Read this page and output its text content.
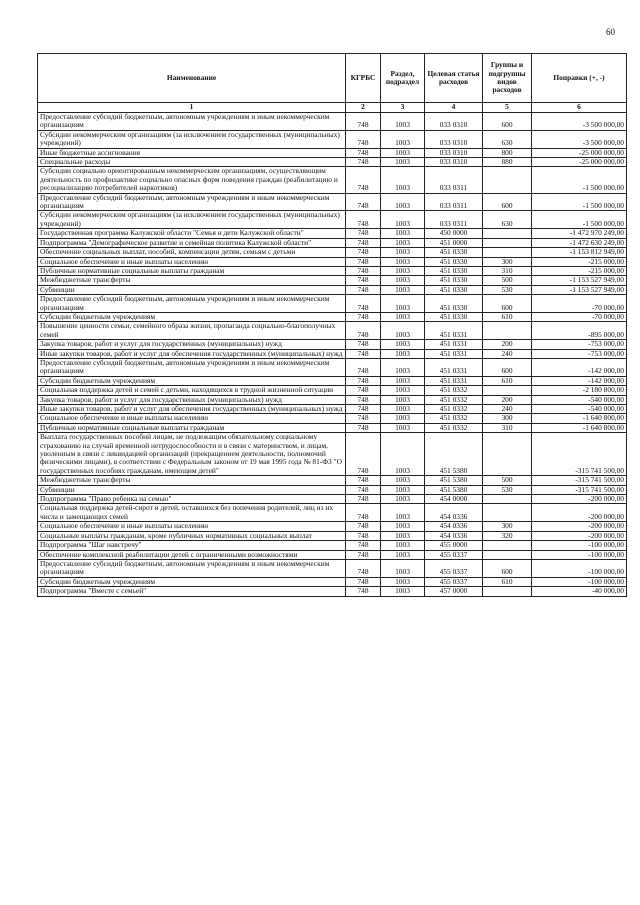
60
Наименование	КГРБС	Раздел, подраздел	Целевая статья расходов	Группы и подгруппы видов расходов	Поправки (+, -)
1	2	3	4	5	6
Предоставление субсидий бюджетным, автономным учреждениям и иным некоммерческим организациям	748	1003	033 0310	600	-3 500 000,00
Субсидии некоммерческим организациям (за исключением государственных (муниципальных) учреждений)	748	1003	033 0310	630	-3 500 000,00
Иные бюджетные ассигнования	748	1003	033 0310	800	-25 000 000,00
Специальные расходы	748	1003	033 0310	880	-25 000 000,00
Субсидии социально ориентированным некоммерческим организациям, осуществляющим деятельность по профилактике социально опасных форм поведения граждан (реабилитацию и ресоциализацию потребителей наркотиков)	748	1003	033 0311		-1 500 000,00
Предоставление субсидий бюджетным, автономным учреждениям и иным некоммерческим организациям	748	1003	033 0311	600	-1 500 000,00
Субсидии некоммерческим организациям (за исключением государственных (муниципальных) учреждений)	748	1003	033 0311	630	-1 500 000,00
Государственная программа Калужской области "Семья и дети Калужской области"	748	1003	450 0000		-1 472 970 249,00
Подпрограмма "Демографическое развитие и семейная политика Калужской области"	748	1003	451 0000		-1 472 630 249,00
Обеспечение социальных выплат, пособий, компенсации детям, семьям с детьми	748	1003	451 0330		-1 153 812 949,00
Социальное обеспечение и иные выплаты населению	748	1003	451 0330	300	-215 000,00
Публичные нормативные социальные выплаты гражданам	748	1003	451 0330	310	-215 000,00
Межбюджетные трансферты	748	1003	451 0330	500	-1 153 527 949,00
Субвенции	748	1003	451 0330	530	-1 153 527 949,00
Предоставление субсидий бюджетным, автономным учреждениям и иным некоммерческим организациям	748	1003	451 0330	600	-70 000,00
Субсидии бюджетным учреждениям	748	1003	451 0330	610	-70 000,00
Повышение ценности семьи, семейного образа жизни, пропаганда социально-благополучных семей	748	1003	451 0331		-895 000,00
Закупка товаров, работ и услуг для государственных (муниципальных) нужд	748	1003	451 0331	200	-753 000,00
Иные закупки товаров, работ и услуг для обеспечения государственных (муниципальных) нужд	748	1003	451 0331	240	-753 000,00
Предоставление субсидий бюджетным, автономным учреждениям и иным некоммерческим организациям	748	1003	451 0331	600	-142 000,00
Субсидии бюджетным учреждениям	748	1003	451 0331	610	-142 000,00
Социальная поддержка детей и семей с детьми, находящихся в трудной жизненной ситуации	748	1003	451 0332		-2 180 800,00
Закупка товаров, работ и услуг для государственных (муниципальных) нужд	748	1003	451 0332	200	-540 000,00
Иные закупки товаров, работ и услуг для обеспечения государственных (муниципальных) нужд	748	1003	451 0332	240	-540 000,00
Социальное обеспечение и иные выплаты населению	748	1003	451 0332	300	-1 640 800,00
Публичные нормативные социальные выплаты гражданам	748	1003	451 0332	310	-1 640 800,00
Выплата государственных пособий лицам, не подлежащим обязательному социальному страхованию на случай временной нетрудоспособности и в связи с материнством, и лицам, уволенным в связи с ликвидацией организаций (прекращением деятельности, полномочий физическими лицами), в соответствии с Федеральным законом от 19 мая 1995 года № 81-ФЗ "О государственных пособиях гражданам, имеющим детей"	748	1003	451 5380		-315 741 500,00
Межбюджетные трансферты	748	1003	451 5380	500	-315 741 500,00
Субвенции	748	1003	451 5380	530	-315 741 500,00
Подпрограмма "Право ребенка на семью"	748	1003	454 0000		-200 000,00
Социальная поддержка детей-сирот и детей, оставшихся без попечения родителей, лиц из их числа и замещающих семей	748	1003	454 0336		-200 000,00
Социальное обеспечение и иные выплаты населению	748	1003	454 0336	300	-200 000,00
Социальные выплаты гражданам, кроме публичных нормативных социальных выплат	748	1003	454 0336	320	-200 000,00
Подпрограмма "Шаг навстречу"	748	1003	455 0000		-100 000,00
Обеспечение комплексной реабилитации детей с ограниченными возможностями	748	1003	455 0337		-100 000,00
Предоставление субсидий бюджетным, автономным учреждениям и иным некоммерческим организациям	748	1003	455 0337	600	-100 000,00
Субсидии бюджетным учреждениям	748	1003	455 0337	610	-100 000,00
Подпрограмма "Вместе с семьей"	748	1003	457 0000		-40 000,00
